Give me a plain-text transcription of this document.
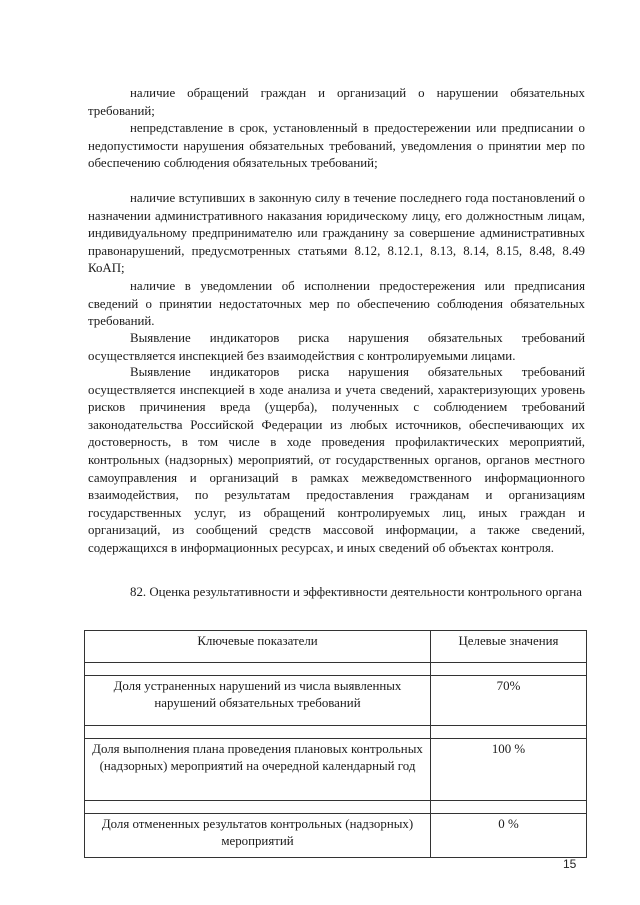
наличие обращений граждан и организаций о нарушении обязательных требований;

непредставление в срок, установленный в предостережении или предписании о недопустимости нарушения обязательных требований, уведомления о принятии мер по обеспечению соблюдения обязательных требований;

наличие вступивших в законную силу в течение последнего года постановлений о назначении административного наказания юридическому лицу, его должностным лицам, индивидуальному предпринимателю или гражданину за совершение административных правонарушений, предусмотренных статьями 8.12, 8.12.1, 8.13, 8.14, 8.15, 8.48, 8.49 КоАП;

наличие в уведомлении об исполнении предостережения или предписания сведений о принятии недостаточных мер по обеспечению соблюдения обязательных требований.

Выявление индикаторов риска нарушения обязательных требований осуществляется инспекцией без взаимодействия с контролируемыми лицами.

Выявление индикаторов риска нарушения обязательных требований осуществляется инспекцией в ходе анализа и учета сведений, характеризующих уровень рисков причинения вреда (ущерба), полученных с соблюдением требований законодательства Российской Федерации из любых источников, обеспечивающих их достоверность, в том числе в ходе проведения профилактических мероприятий, контрольных (надзорных) мероприятий, от государственных органов, органов местного самоуправления и организаций в рамках межведомственного информационного взаимодействия, по результатам предоставления гражданам и организациям государственных услуг, из обращений контролируемых лиц, иных граждан и организаций, из сообщений средств массовой информации, а также сведений, содержащихся в информационных ресурсах, и иных сведений об объектах контроля.

82. Оценка результативности и эффективности деятельности контрольного органа

Ключевые показатели	Целевые значения

Доля устраненных нарушений из числа выявленных нарушений обязательных требований	70%

Доля выполнения плана проведения плановых контрольных (надзорных) мероприятий на очередной календарный год	100 %

Доля отмененных результатов контрольных (надзорных) мероприятий	0 %
15
